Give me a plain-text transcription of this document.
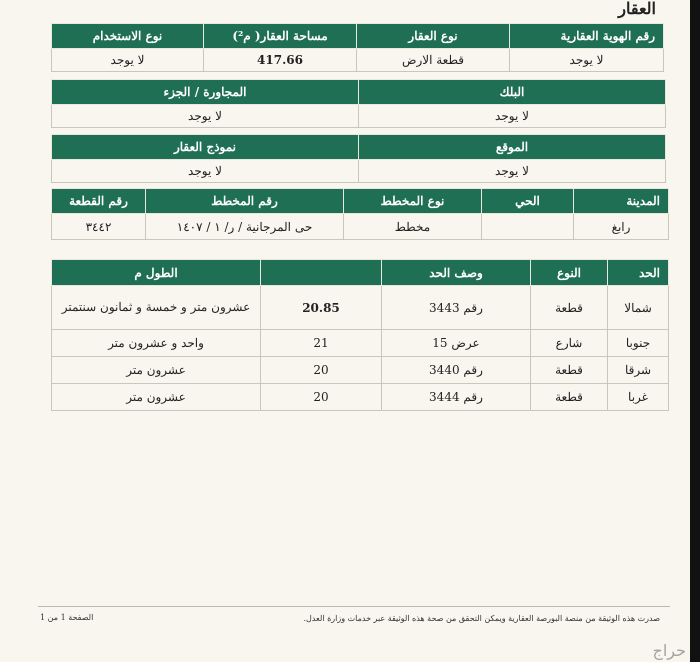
العقار
رقم الهوية العقارية	نوع العقار	مساحة العقار( م²)	نوع الاستخدام
لا يوجد	قطعة الارض	417.66	لا يوجد
البلك	المجاورة / الجزء
لا يوجد	لا يوجد
الموقع	نموذج العقار
لا يوجد	لا يوجد
المدينة	الحي	نوع المخطط	رقم المخطط	رقم القطعة
رابغ		مخطط	حى المرجانية / ر/ ١ / ١٤٠٧	٣٤٤٢
الحد	النوع	وصف الحد		الطول م
شمالا	قطعة	رقم 3443	20.85	عشرون متر و خمسة و ثمانون سنتمتر
جنوبا	شارع	عرض 15	21	واحد و عشرون متر
شرقا	قطعة	رقم 3440	20	عشرون متر
غربا	قطعة	رقم 3444	20	عشرون متر
صدرت هذه الوثيقة من منصة البورصة العقارية ويمكن التحقق من صحة هذه الوثيقة عبر خدمات وزارة العدل.
الصفحة 1 من 1
حراج
